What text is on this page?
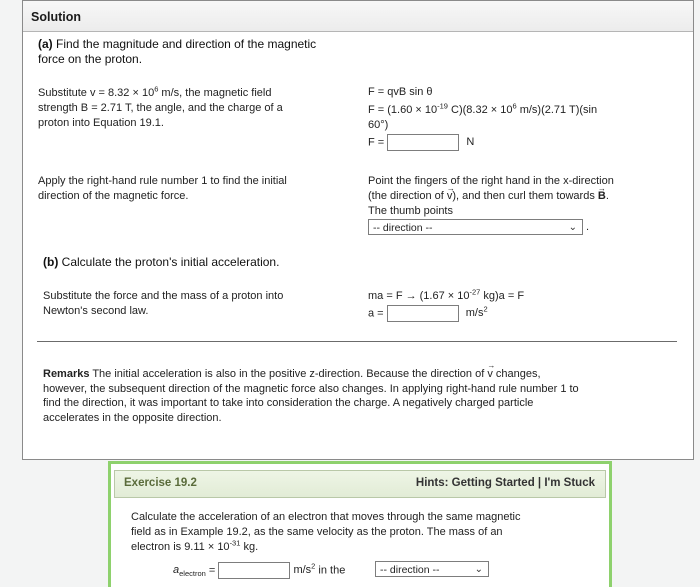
Solution
(a) Find the magnitude and direction of the magnetic
force on the proton.
Substitute $v = 8.32 \times 10^6$ m/s, the magnetic field
strength B = 2.71 T, the angle, and the charge of a
proton into Equation 19.1.
F = qvB sin θ
$F = (1.60 \times 10^{-19}$ $C)(8.32 \times 10^6$ m/s)(2.71 T)(sin
60°)
F =	N
Apply the right-hand rule number 1 to find the initial
direction of the magnetic force.
Point the fingers of the right hand in the x-direction
(the direction of → v), and then curl them towards → B.
The thumb points
-- direction --	⌄ .
(b) Calculate the proton's initial acceleration.
Substitute the force and the mass of a proton into
Newton's second law.
ma = $F \to (1.67 \times 10^{-27}$ kg)a = F
a =	$m/s^2$
Remarks The initial acceleration is also in the positive z-direction. Because the direction of → v changes,
however, the subsequent direction of the magnetic force also changes. In applying right-hand rule number 1 to
find the direction, it was important to take into consideration the charge. A negatively charged particle
accelerates in the opposite direction.
Exercise 19.2	Hints: Getting Started | I'm Stuck
Calculate the acceleration of an electron that moves through the same magnetic
field as in Example 19.2, as the same velocity as the proton. The mass of an
electron is $9.11 \times 10^{-31}$ kg.
$a_{electron}$ =	$m/s^2$ in the	-- direction --	⌄
